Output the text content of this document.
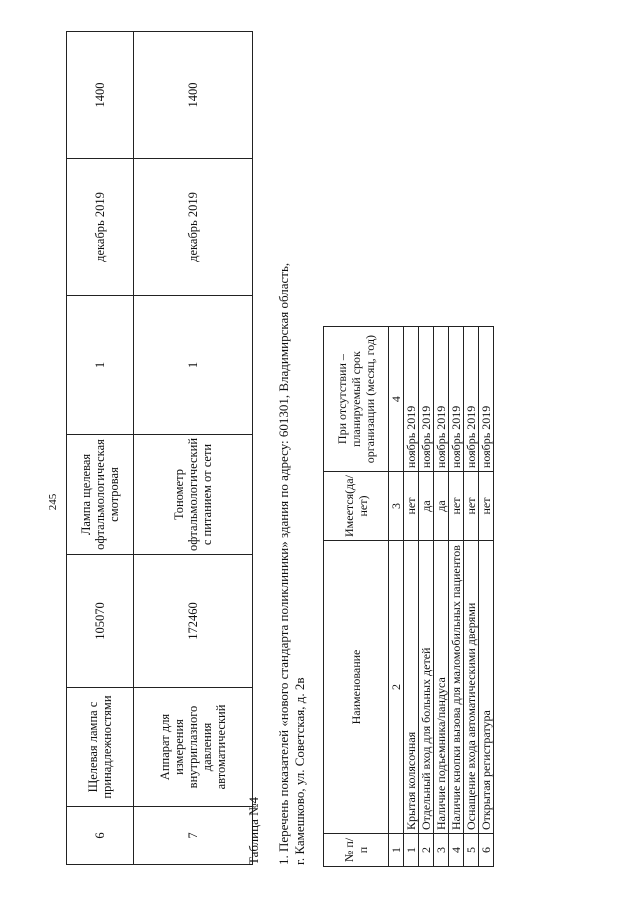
245
6	Щелевая лампа с принадлежностями	105070	Лампа щелевая офтальмологическая смотровая	1	декабрь 2019	1400
7	Аппарат для измерения внутриглазного давления автоматический	172460	Тонометр офтальмологический с питанием от сети	1	декабрь 2019	1400
Таблица №4 1. Перечень показателей «нового стандарта поликлиники» здания по адресу: 601301, Владимирская область, г. Камешково, ул. Советская, д. 2в	№ п/п	Наименование	Имеется(да/нет)	При отсутствии – планируемый срок организации (месяц, год)
1	2	3	4
1	Крытая колясочная	нет	ноябрь 2019
2	Отдельный вход для больных детей	да	ноябрь 2019
3	Наличие подъемника/пандуса	да	ноябрь 2019
4	Наличие кнопки вызова для маломобильных пациентов	нет	ноябрь 2019
5	Оснащение входа автоматическими дверями	нет	ноябрь 2019
6	Открытая регистратура	нет	ноябрь 2019
